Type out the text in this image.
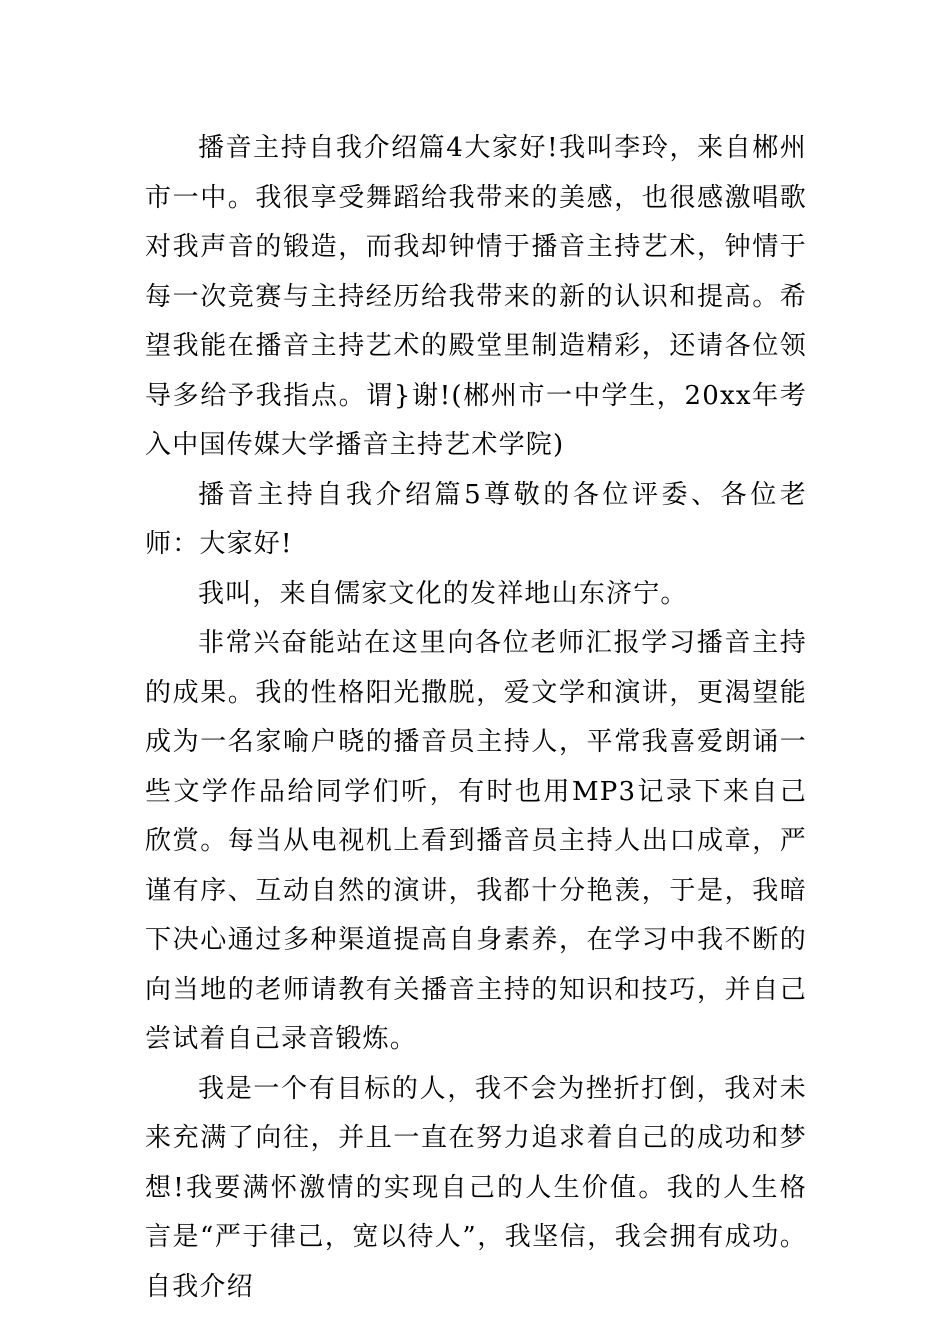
播音主持自我介绍篇4大家好!我叫李玲，来自郴州市一中。我很享受舞蹈给我带来的美感，也很感激唱歌对我声音的锻造，而我却钟情于播音主持艺术，钟情于每一次竞赛与主持经历给我带来的新的认识和提高。希望我能在播音主持艺术的殿堂里制造精彩，还请各位领导多给予我指点。谓}谢!(郴州市一中学生，20xx年考入中国传媒大学播音主持艺术学院)

播音主持自我介绍篇5尊敬的各位评委、各位老师：大家好!

我叫，来自儒家文化的发祥地山东济宁。

非常兴奋能站在这里向各位老师汇报学习播音主持的成果。我的性格阳光撒脱，爱文学和演讲，更渴望能成为一名家喻户晓的播音员主持人，平常我喜爱朗诵一些文学作品给同学们听，有时也用MP3记录下来自己欣赏。每当从电视机上看到播音员主持人出口成章，严谨有序、互动自然的演讲，我都十分艳羡，于是，我暗下决心通过多种渠道提高自身素养，在学习中我不断的向当地的老师请教有关播音主持的知识和技巧，并自己尝试着自己录音锻炼。

我是一个有目标的人，我不会为挫折打倒，我对未来充满了向往，并且一直在努力追求着自己的成功和梦想!我要满怀激情的实现自己的人生价值。我的人生格言是“严于律己，宽以待人”，我坚信，我会拥有成功。自我介绍
